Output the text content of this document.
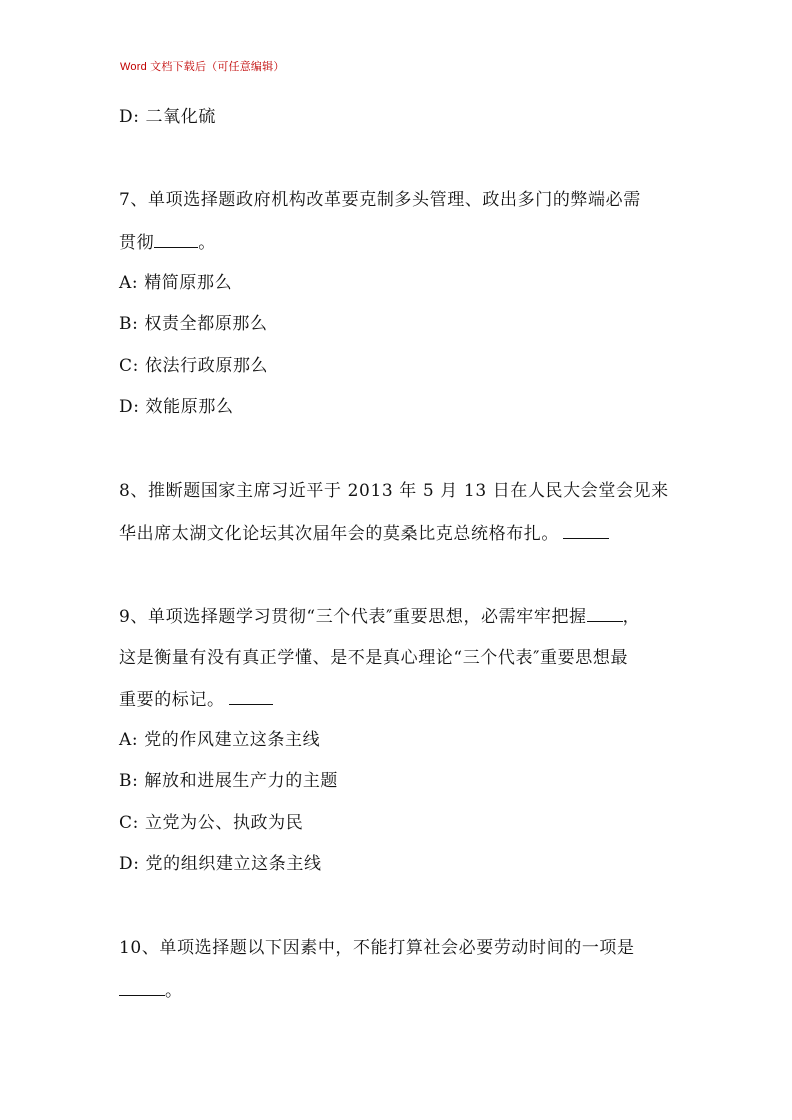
Word 文档下载后（可任意编辑）
D: 二氧化硫
7、单项选择题政府机构改革要克制多头管理、政出多门的弊端必需
贯彻	。
A: 精简原那么
B: 权责全都原那么
C: 依法行政原那么
D: 效能原那么
8、推断题国家主席习近平于 2013 年 5 月 13 日在人民大会堂会见来
华出席太湖文化论坛其次届年会的莫桑比克总统格布扎。
9、单项选择题学习贯彻“三个代表″重要思想，必需牢牢把握 ，
这是衡量有没有真正学懂、是不是真心理论“三个代表″重要思想最
重要的标记。
A: 党的作风建立这条主线
B: 解放和进展生产力的主题
C: 立党为公、执政为民
D: 党的组织建立这条主线
10、单项选择题以下因素中，不能打算社会必要劳动时间的一项是
。
